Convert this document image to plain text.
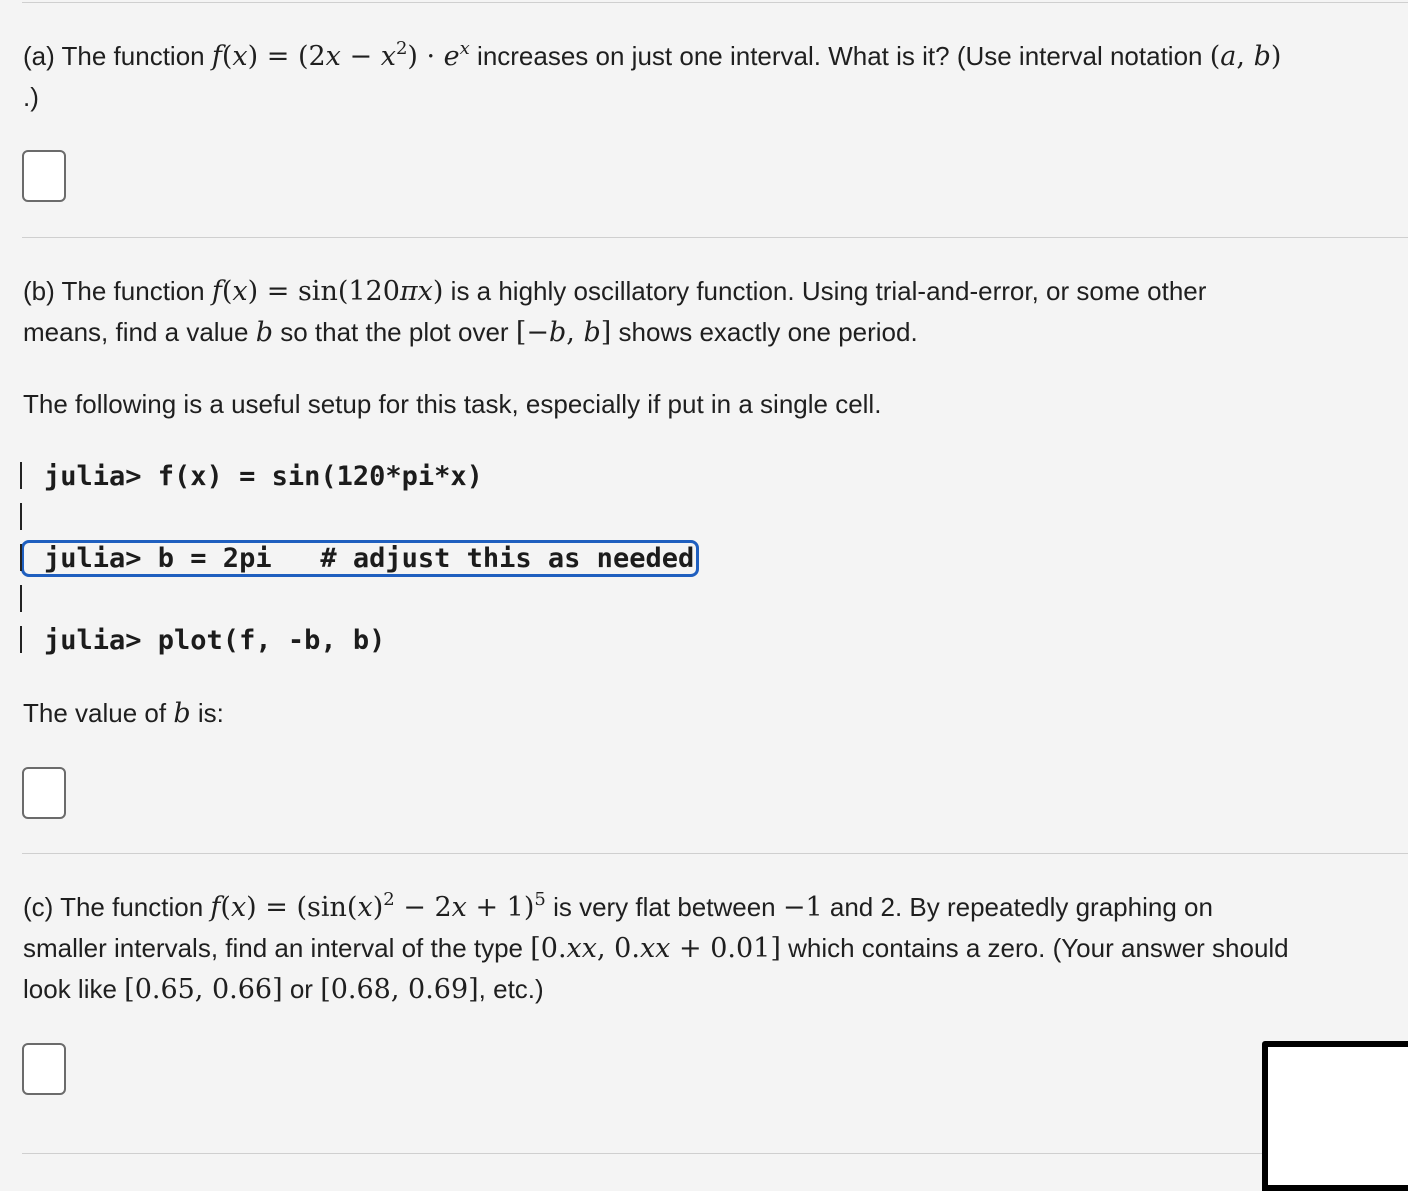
(a) The function $f(x) = (2x - x^2) \cdot e^x$ increases on just one interval. What is it? (Use interval notation (a, b)
.)
(b) The function f(x) = sin(120πx) is a highly oscillatory function. Using trial-and-error, or some other
means, find a value b so that the plot over [−b, b] shows exactly one period.
The following is a useful setup for this task, especially if put in a single cell.
julia> f(x) = sin(120*pi*x)
julia> b = 2pi   # adjust this as needed
julia> plot(f, -b, b)
The value of b is:
(c) The function $f(x) = (\sin(x)^2 - 2x + 1)^5$ is very flat between −1 and 2. By repeatedly graphing on
smaller intervals, find an interval of the type [0.xx, 0.xx + 0.01] which contains a zero. (Your answer should
look like [0.65, 0.66] or [0.68, 0.69], etc.)
